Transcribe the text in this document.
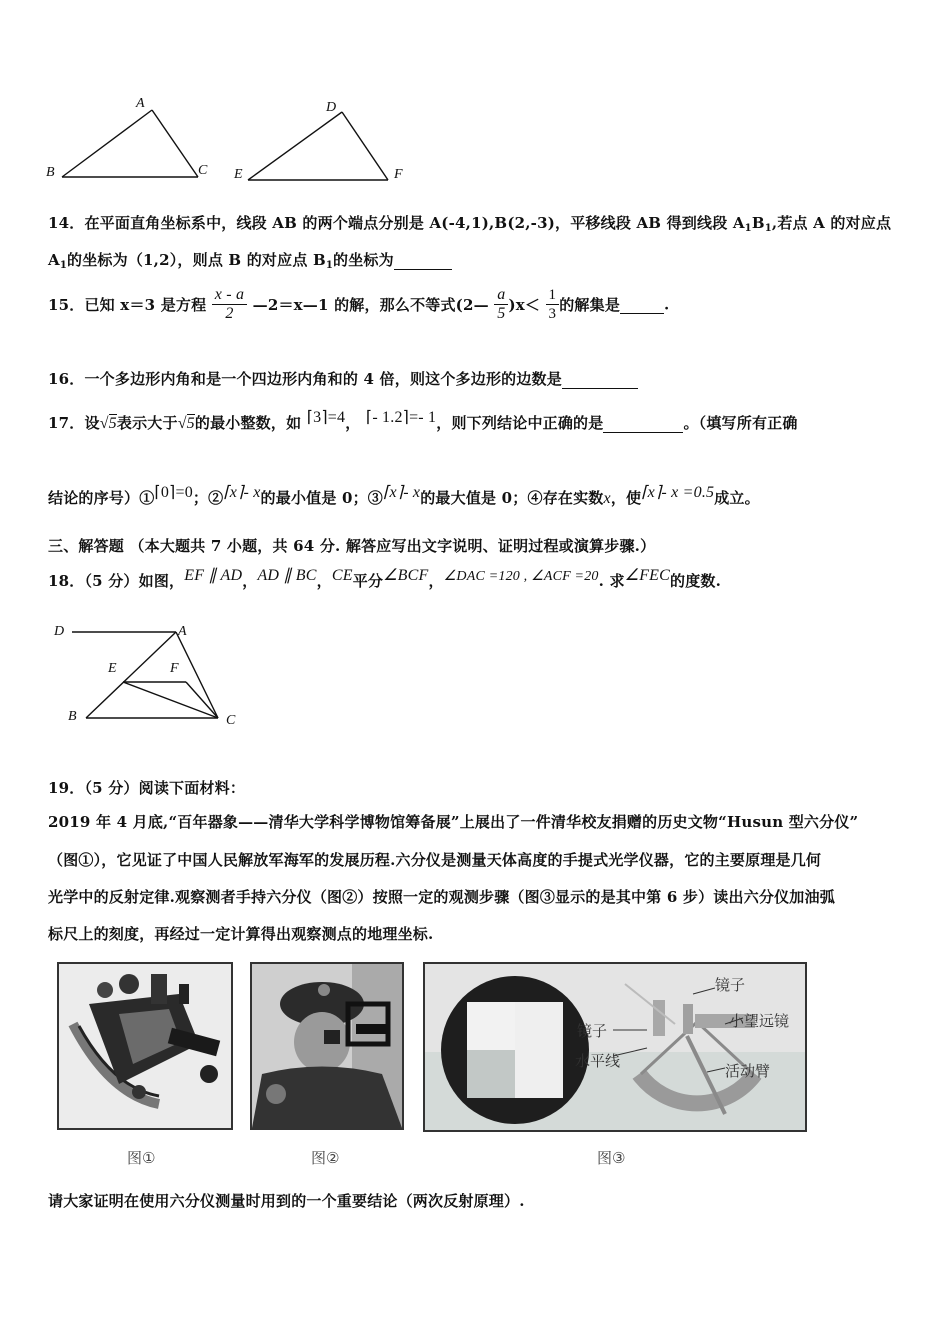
A
B	C
D
E	F
14．在平面直角坐标系中，线段 AB 的两个端点分别是 A(-4,1),B(2,-3)，平移线段 AB 得到线段 $A_1B_1$,若点 A 的对应点
$A_1$的坐标为（1,2），则点 B 的对应点 $B_1$的坐标为
15．已知 x＝3 是方程 $\frac{x - a}{2}$ —2＝x—1 的解，那么不等式(2— $\frac{a}{5} )x< \frac{1}{3}$ 的解集是	.
16．一个多边形内角和是一个四边形内角和的 4 倍，则这个多边形的边数是
17．设√5表示大于√5的最小整数，如 ⌈3⌉=4， ⌈- 1.2⌉=- 1，则下列结论中正确的是	。（填写所有正确
结论的序号）①⌈0⌉=0；②⌈x⌉- x的最小值是 0；③⌈x⌉- x的最大值是 0；④存在实数x，使⌈x⌉- x =0.5成立。
三、解答题 （本大题共 7 小题，共 64 分. 解答应写出文字说明、证明过程或演算步骤.）
18．（5 分）如图，EF ∥ AD，AD ∥ BC，CE平分∠BCF，∠DAC =120 , ∠ACF =20. 求∠FEC的度数.
D	A
E	F
B	C
19．（5 分）阅读下面材料：
2019 年 4 月底,“百年器象——清华大学科学博物馆筹备展”上展出了一件清华校友捐赠的历史文物“Husun 型六分仪”
（图①），它见证了中国人民解放军海军的发展历程.六分仪是测量天体高度的手提式光学仪器，它的主要原理是几何
光学中的反射定律.观察测者手持六分仪（图②）按照一定的观测步骤（图③显示的是其中第 6 步）读出六分仪加油弧
标尺上的刻度，再经过一定计算得出观察测点的地理坐标.
图①	图②
镜子
镜子
小望远镜
水平线
活动臂
图③
请大家证明在使用六分仪测量时用到的一个重要结论（两次反射原理）.
